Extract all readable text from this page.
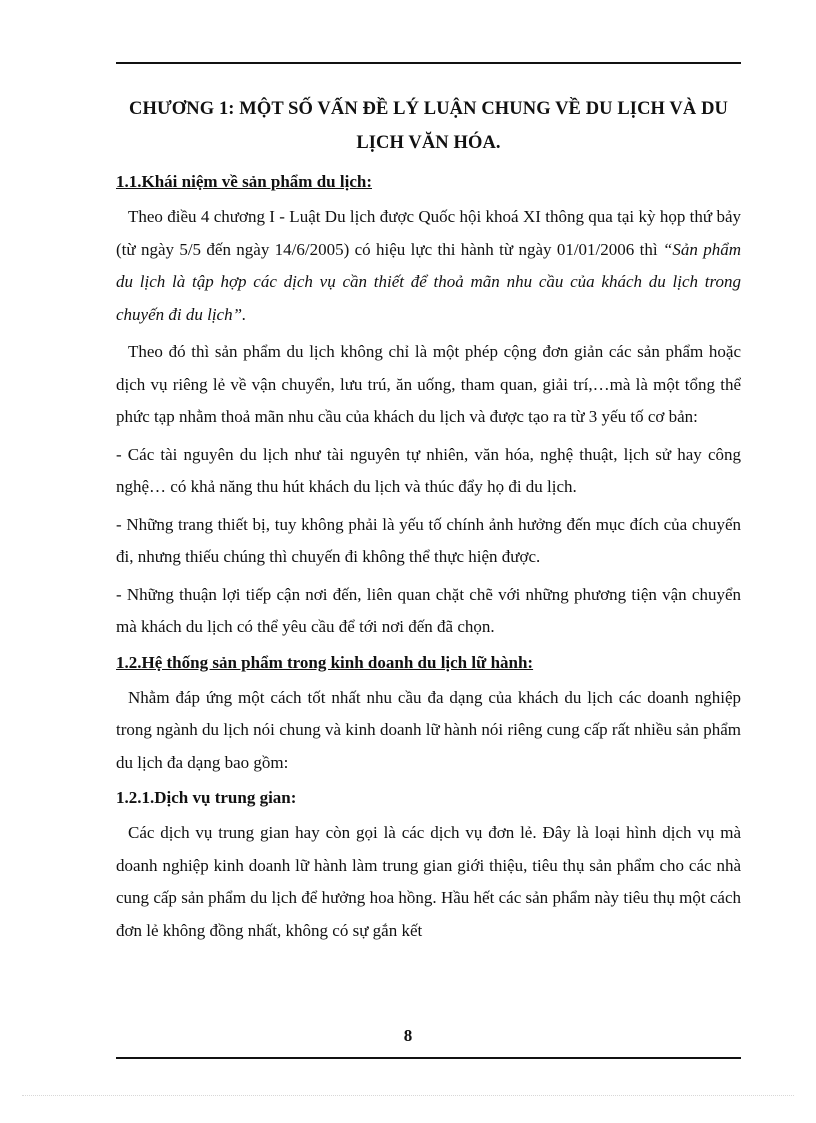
CHƯƠNG 1: MỘT SỐ VẤN ĐỀ LÝ LUẬN CHUNG VỀ DU LỊCH VÀ DU LỊCH VĂN HÓA.

1.1.Khái niệm về sản phẩm du lịch:

Theo điều 4 chương I - Luật Du lịch được Quốc hội khoá XI thông qua tại kỳ họp thứ bảy (từ ngày 5/5 đến ngày 14/6/2005) có hiệu lực thi hành từ ngày 01/01/2006 thì “Sản phẩm du lịch là tập hợp các dịch vụ cần thiết để thoả mãn nhu cầu của khách du lịch trong chuyến đi du lịch”.

Theo đó thì sản phẩm du lịch không chỉ là một phép cộng đơn giản các sản phẩm hoặc dịch vụ riêng lẻ về vận chuyển, lưu trú, ăn uống, tham quan, giải trí,…mà là một tổng thể phức tạp nhằm thoả mãn nhu cầu của khách du lịch và được tạo ra từ 3 yếu tố cơ bản:

- Các tài nguyên du lịch như tài nguyên tự nhiên, văn hóa, nghệ thuật, lịch sử hay công nghệ… có khả năng thu hút khách du lịch và thúc đẩy họ đi du lịch.

- Những trang thiết bị, tuy không phải là yếu tố chính ảnh hưởng đến mục đích của chuyến đi, nhưng thiếu chúng thì chuyến đi không thể thực hiện được.

- Những thuận lợi tiếp cận nơi đến, liên quan chặt chẽ với những phương tiện vận chuyển mà khách du lịch có thể yêu cầu để tới nơi đến đã chọn.

1.2.Hệ thống sản phẩm trong kinh doanh du lịch lữ hành:

Nhằm đáp ứng một cách tốt nhất nhu cầu đa dạng của khách du lịch các doanh nghiệp trong ngành du lịch nói chung và kinh doanh lữ hành nói riêng cung cấp rất nhiều sản phẩm du lịch đa dạng bao gồm:

1.2.1.Dịch vụ trung gian:

Các dịch vụ trung gian hay còn gọi là các dịch vụ đơn lẻ. Đây là loại hình dịch vụ mà doanh nghiệp kinh doanh lữ hành làm trung gian giới thiệu, tiêu thụ sản phẩm cho các nhà cung cấp sản phẩm du lịch để hưởng hoa hồng. Hầu hết các sản phẩm này tiêu thụ một cách đơn lẻ không đồng nhất, không có sự gắn kết

8
